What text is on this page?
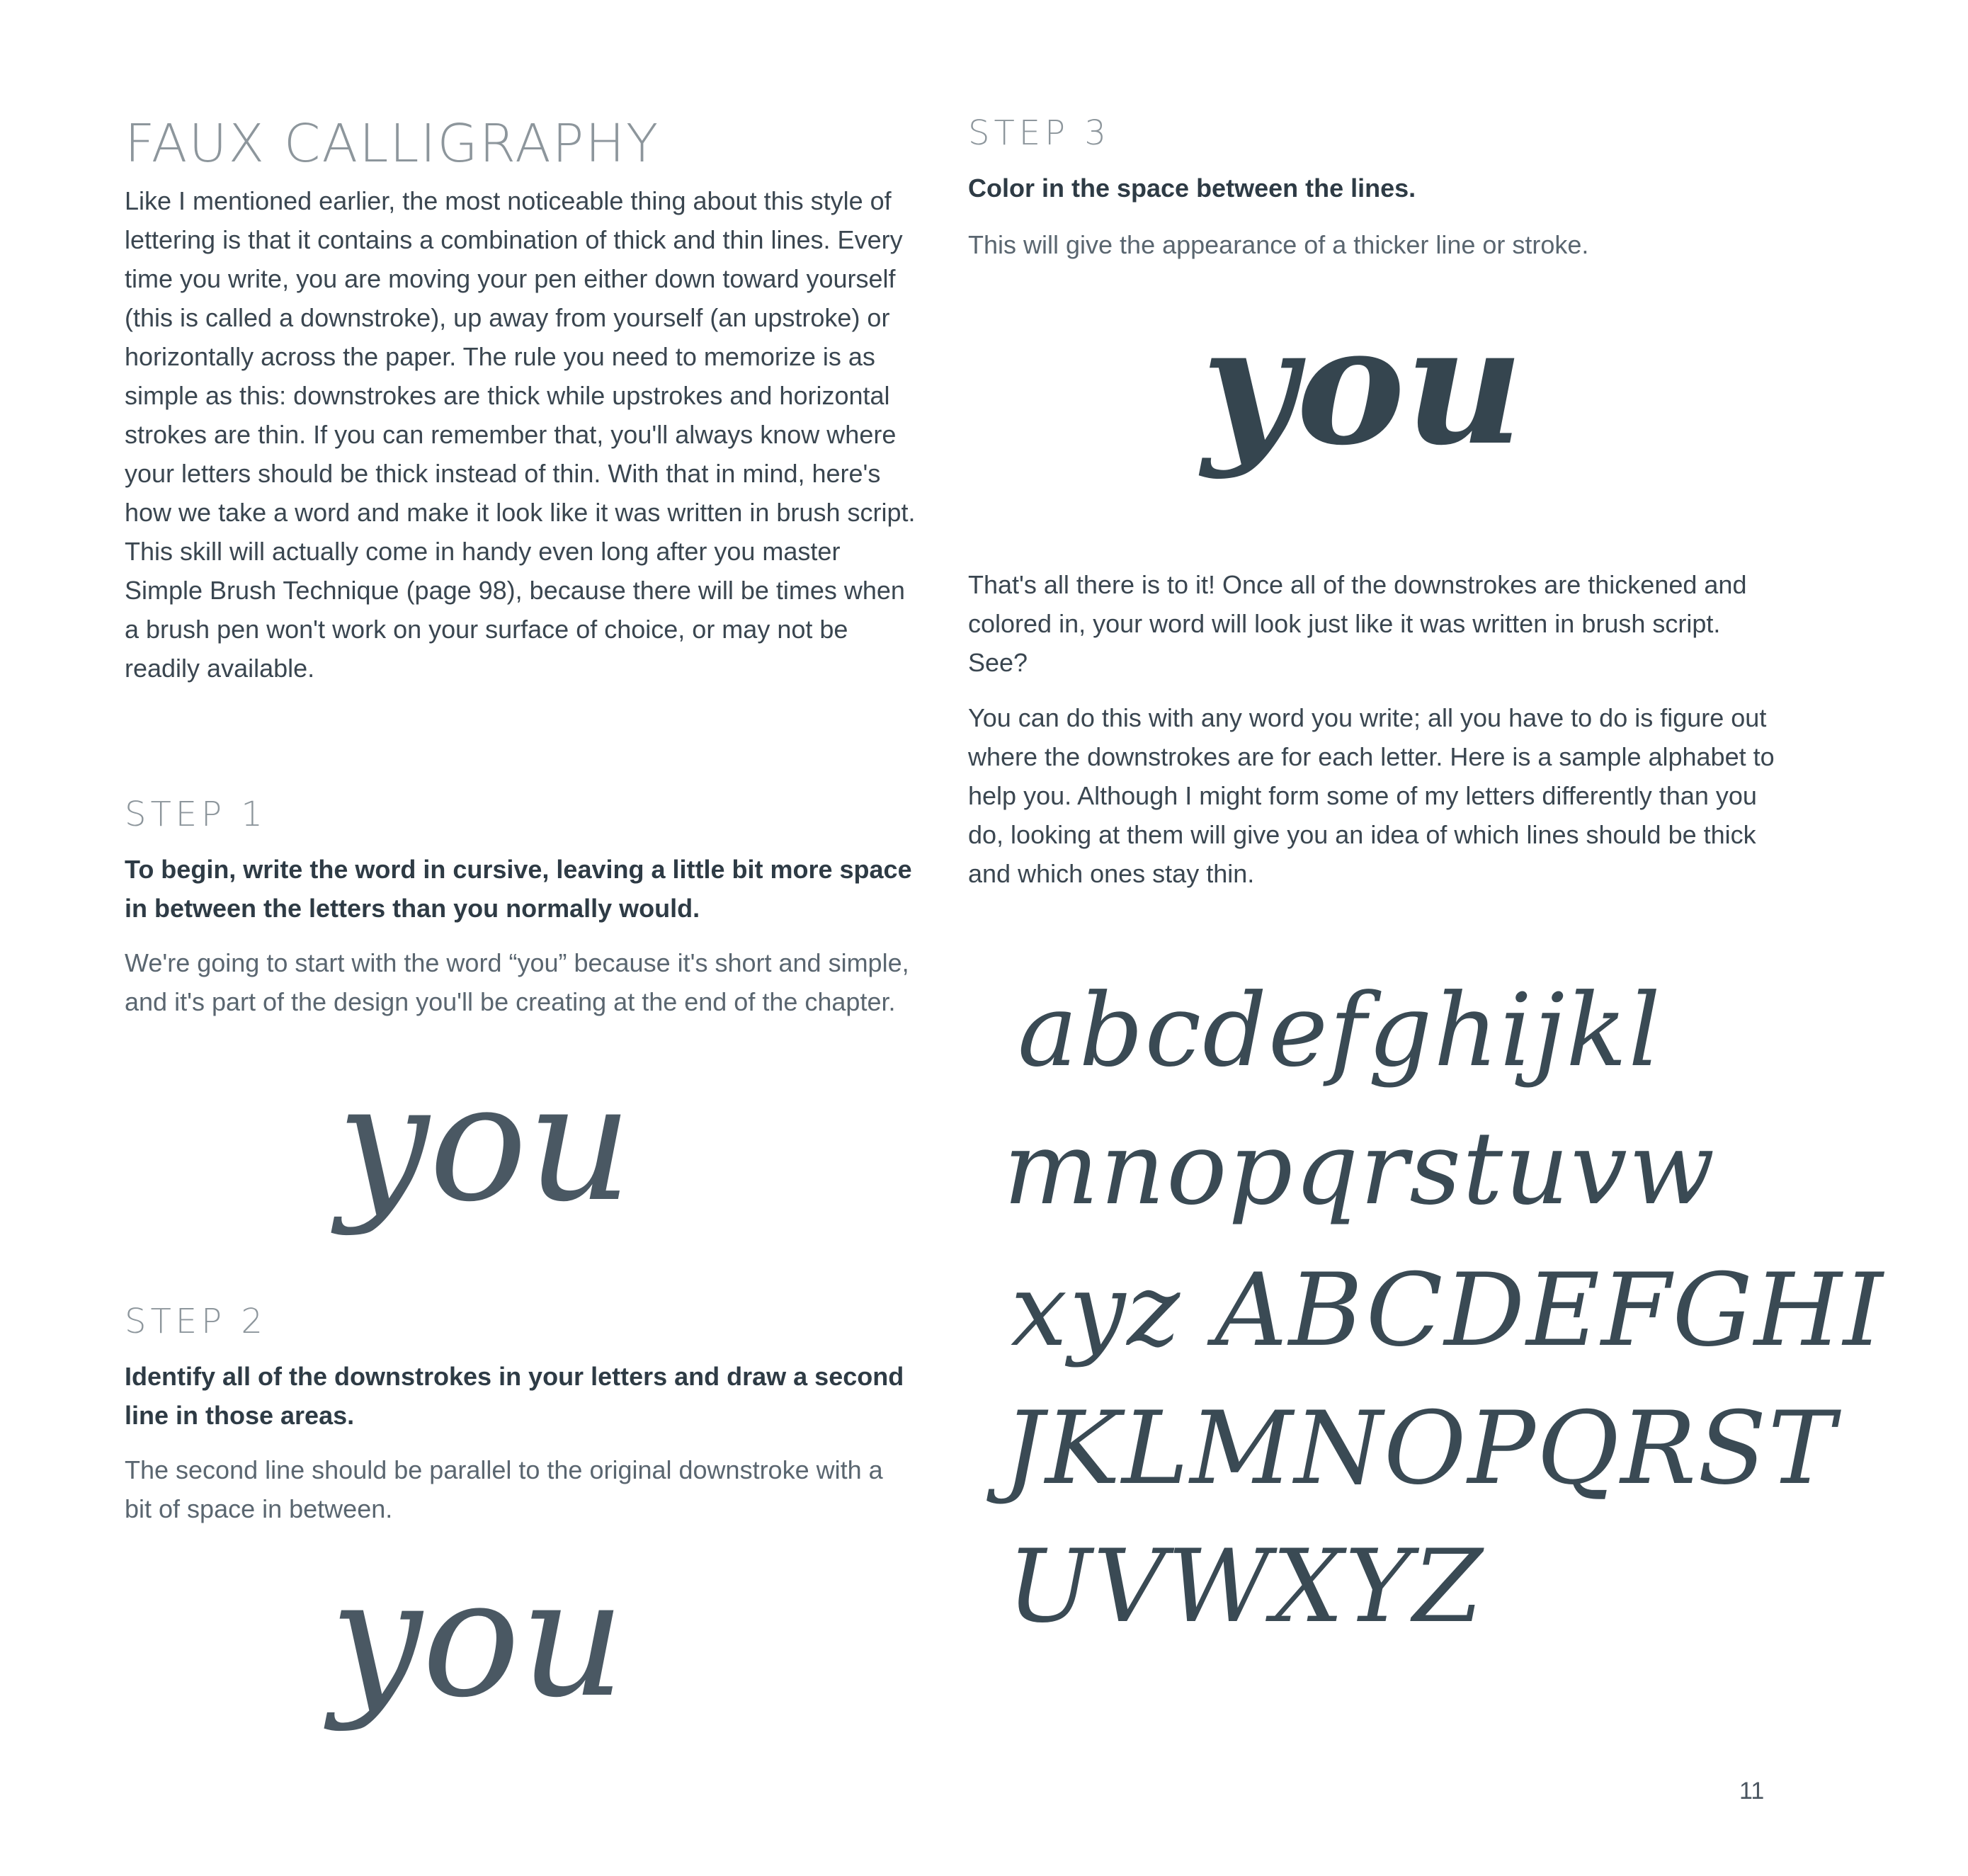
FAUX CALLIGRAPHY

Like I mentioned earlier, the most noticeable thing about this style of lettering is that it contains a combination of thick and thin lines. Every time you write, you are moving your pen either down toward yourself (this is called a downstroke), up away from yourself (an upstroke) or horizontally across the paper. The rule you need to memorize is as simple as this: downstrokes are thick while upstrokes and horizontal strokes are thin. If you can remember that, you'll always know where your letters should be thick instead of thin. With that in mind, here's how we take a word and make it look like it was written in brush script. This skill will actually come in handy even long after you master Simple Brush Technique (page 98), because there will be times when a brush pen won't work on your surface of choice, or may not be readily available.

STEP 1

To begin, write the word in cursive, leaving a little bit more space in between the letters than you normally would.

We're going to start with the word “you” because it's short and simple, and it's part of the design you'll be creating at the end of the chapter.

you
STEP 2

Identify all of the downstrokes in your letters and draw a second line in those areas.

The second line should be parallel to the original downstroke with a bit of space in between.

you
STEP 3

Color in the space between the lines.

This will give the appearance of a thicker line or stroke.

you

That's all there is to it! Once all of the downstrokes are thickened and colored in, your word will look just like it was written in brush script. See?

You can do this with any word you write; all you have to do is figure out where the downstrokes are for each letter. Here is a sample alphabet to help you. Although I might form some of my letters differently than you do, looking at them will give you an idea of which lines should be thick and which ones stay thin.

abcdefghijkl
mnopqrstuvw
xyz ABCDEFGHI
JKLMNOPQRST
UVWXYZ

11
